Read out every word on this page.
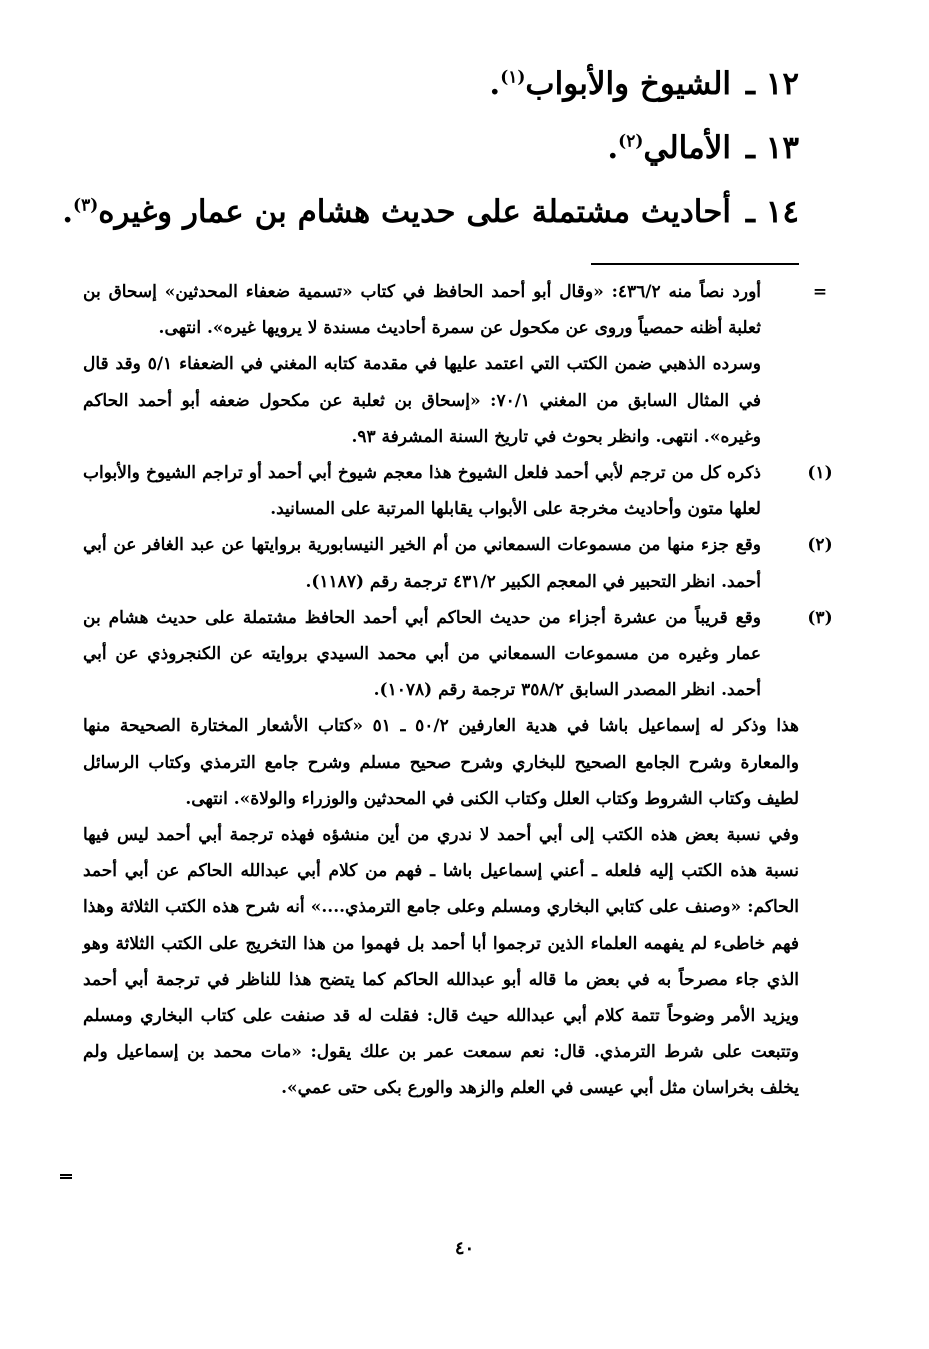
١٢ ـ الشيوخ والأبواب$^{(١)}$.
١٣ ـ الأمالي$^{(٢)}$.
١٤ ـ أحاديث مشتملة على حديث هشام بن عمار وغيره$^{(٣)}$.
=

أورد نصاً منه ٤٣٦/٢: «وقال أبو أحمد الحافظ في كتاب «تسمية ضعفاء المحدثين» إسحاق بن ثعلبة أظنه حمصياً وروى عن مكحول عن سمرة أحاديث مسندة لا يرويها غيره». انتهى.

وسرده الذهبي ضمن الكتب التي اعتمد عليها في مقدمة كتابه المغني في الضعفاء ٥/١ وقد قال في المثال السابق من المغني ٧٠/١: «إسحاق بن ثعلبة عن مكحول ضعفه أبو أحمد الحاكم وغيره». انتهى. وانظر بحوث في تاريخ السنة المشرفة ٩٣.

(١)

ذكره كل من ترجم لأبي أحمد فلعل الشيوخ هذا معجم شيوخ أبي أحمد أو تراجم الشيوخ والأبواب لعلها متون وأحاديث مخرجة على الأبواب يقابلها المرتبة على المسانيد.

(٢)

وقع جزء منها من مسموعات السمعاني من أم الخير النيسابورية بروايتها عن عبد الغافر عن أبي أحمد. انظر التحبير في المعجم الكبير ٤٣١/٢ ترجمة رقم (١١٨٧).

(٣)

وقع قريباً من عشرة أجزاء من حديث الحاكم أبي أحمد الحافظ مشتملة على حديث هشام بن عمار وغيره من مسموعات السمعاني من أبي محمد السيدي بروايته عن الكنجروذي عن أبي أحمد. انظر المصدر السابق ٣٥٨/٢ ترجمة رقم (١٠٧٨).

هذا وذكر له إسماعيل باشا في هدية العارفين ٥٠/٢ ـ ٥١ «كتاب الأشعار المختارة الصحيحة منها والمعارة وشرح الجامع الصحيح للبخاري وشرح صحيح مسلم وشرح جامع الترمذي وكتاب الرسائل لطيف وكتاب الشروط وكتاب العلل وكتاب الكنى في المحدثين والوزراء والولاة». انتهى.

وفي نسبة بعض هذه الكتب إلى أبي أحمد لا ندري من أين منشؤه فهذه ترجمة أبي أحمد ليس فيها نسبة هذه الكتب إليه فلعله ـ أعني إسماعيل باشا ـ فهم من كلام أبي عبدالله الحاكم عن أبي أحمد الحاكم: «وصنف على كتابي البخاري ومسلم وعلى جامع الترمذي....» أنه شرح هذه الكتب الثلاثة وهذا فهم خاطىء لم يفهمه العلماء الذين ترجموا أبا أحمد بل فهموا من هذا التخريج على الكتب الثلاثة وهو الذي جاء مصرحاً به في بعض ما قاله أبو عبدالله الحاكم كما يتضح هذا للناظر في ترجمة أبي أحمد ويزيد الأمر وضوحاً تتمة كلام أبي عبدالله حيث قال: فقلت له قد صنفت على كتاب البخاري ومسلم وتتبعت على شرط الترمذي. قال: نعم سمعت عمر بن علك يقول: «مات محمد بن إسماعيل ولم يخلف بخراسان مثل أبي عيسى في العلم والزهد والورع بكى حتى عمي».

٤٠
